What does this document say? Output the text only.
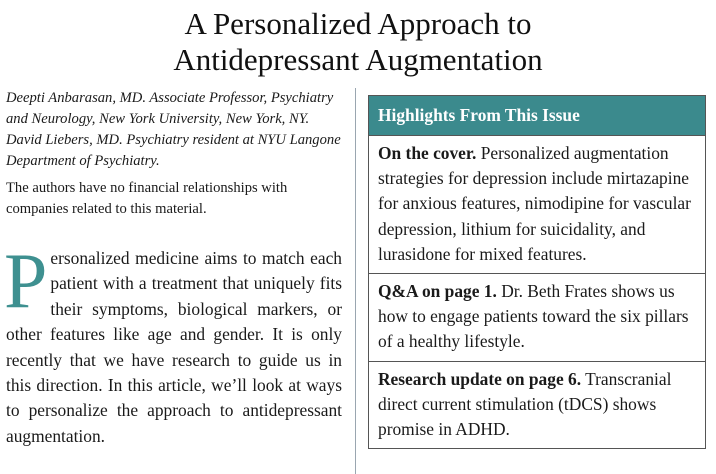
A Personalized Approach to
Antidepressant Augmentation

Deepti Anbarasan, MD. Associate Professor, Psychiatry and Neurology, New York University, New York, NY. David Liebers, MD. Psychiatry resident at NYU Langone Department of Psychiatry.

The authors have no financial relationships with companies related to this material.

P ersonalized medicine aims to match each patient with a treatment that uniquely fits their symptoms, biological markers, or other features like age and gender. It is only recently that we have research to guide us in this direction. In this article, we’ll look at ways to personalize the approach to antidepressant augmentation.

Highlights From This Issue
On the cover. Personalized augmentation strategies for depression include mirtazapine for anxious features, nimodipine for vascular depression, lithium for suicidality, and lurasidone for mixed features.
Q&A on page 1. Dr. Beth Frates shows us how to engage patients toward the six pillars of a healthy lifestyle.
Research update on page 6. Transcranial direct current stimulation (tDCS) shows promise in ADHD.
